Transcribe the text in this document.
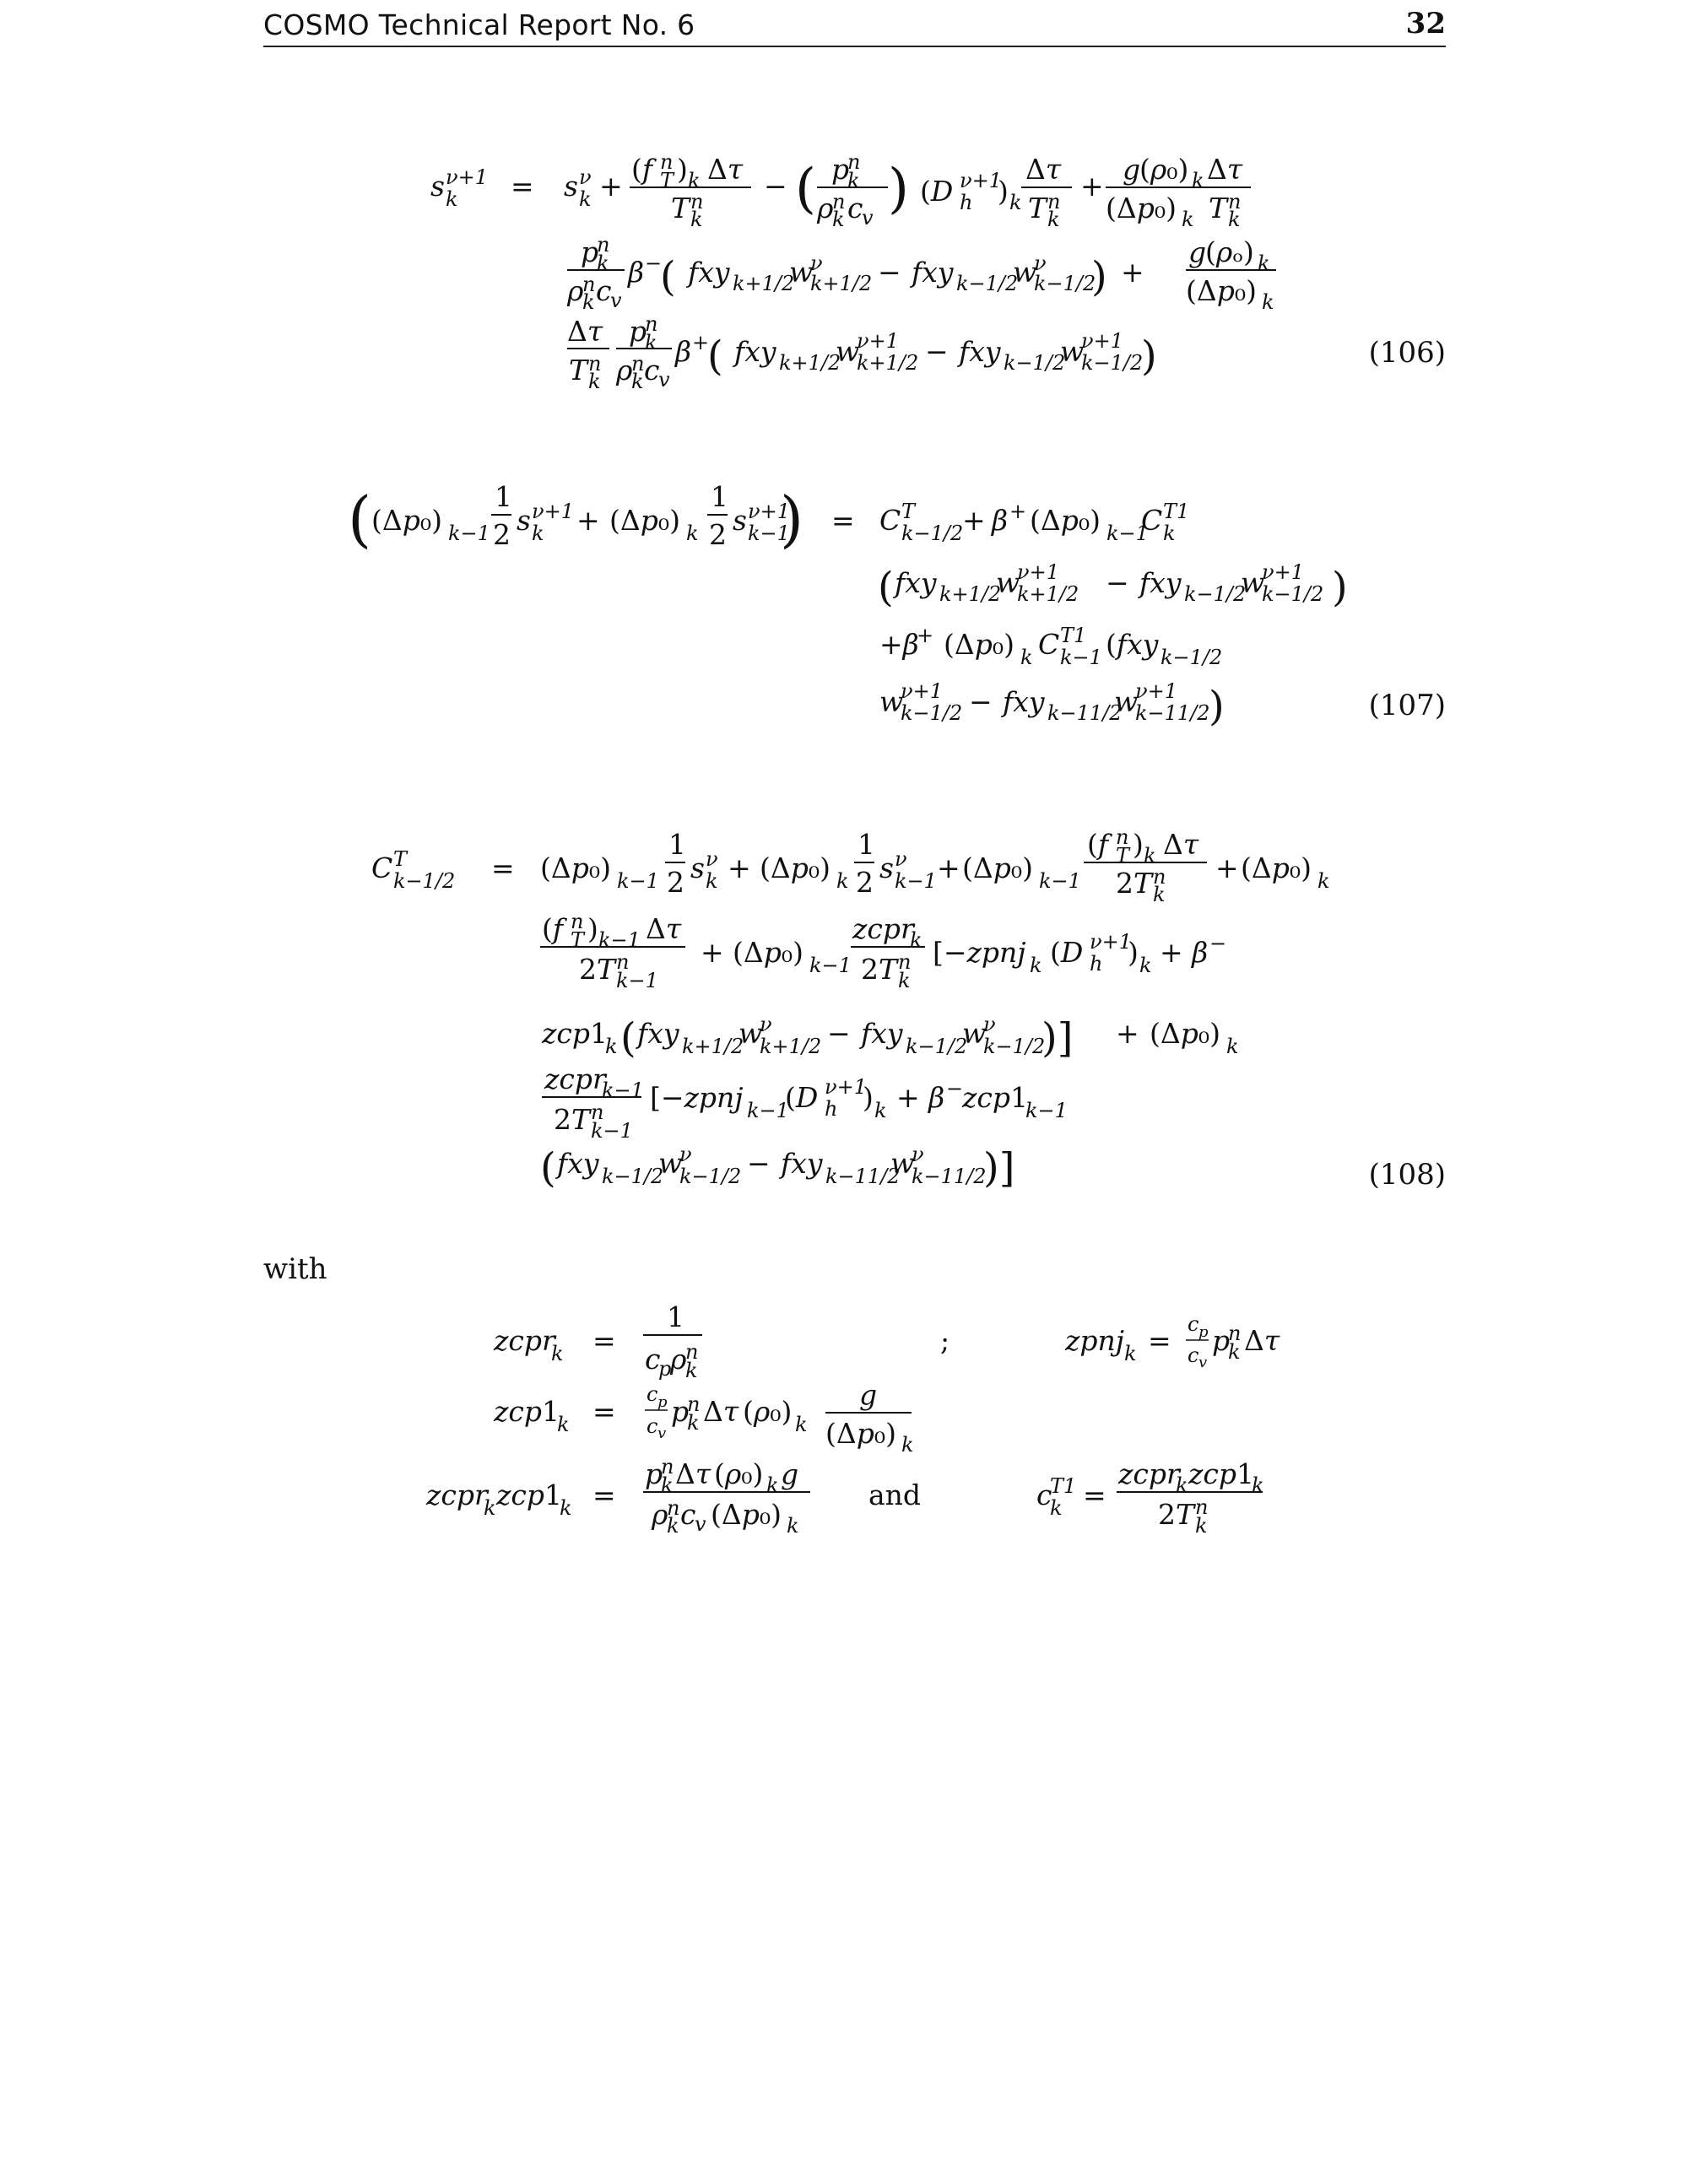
COSMO Technical Report No. 6	32
(106)
(107)
(108)
with
s k
ν+1 = s k
ν +
(f n
T ) k Δτ
T n
k
− ( p
n
k
ρ
n
k c
v ) (D ν+1
h ) k
Δτ
T n
k
+
g
(ρ₀) k Δτ
(Δp₀) k T n
k
p
n
k
ρ
n
k c
v
β −
( fxy k+1/2
w
ν
k+1/2 − fxy k−1/2
w
ν
k−1/2
) +
g
(ρₒ) k
(Δp₀) k
Δτ
T n
k
p
n
k
ρ
n
k c
v
β +
( fxy k+1/2
w
ν+1
k+1/2 − fxy k−1/2
w
ν+1
k−1/2
)
( (Δp₀) k−1
1
2 s k
ν+1 + (Δp₀) k
1
2 s k−1
ν+1
) = C T
k−1/2
+ β + (Δp₀) k−1
C T1
k
( fxy k+1/2
w
ν+1
k+1/2 − fxy k−1/2
w
ν+1
k−1/2 )
+β
+ (Δp₀) k C T1
k−1 (fxy k−1/2
w
ν+1
k−1/2 − fxy k−11/2
w
ν+1
k−11/2
)
C T
k−1/2 = (Δp₀) k−1
1
2 s k
ν + (Δp₀) k
1
2 s k−1
ν + (Δp₀) k−1
(f n
T ) k Δτ
2T n
k
+ (Δp₀) k
(f n
T ) k−1 Δτ
2T n
k−1
+ (Δp₀) k−1
zcpr
k
2T n
k
[−zpnj k (D ν+1
h ) k + β −
zcp 1
k ( fxy k+1/2
w
ν
k+1/2 − fxy k−1/2
w
ν
k−1/2
)] + (Δp₀) k
zcpr
k−1
2T n
k−1
[−zpnj k−1
(D ν+1
h ) k + β −
zcp 1
k−1
( fxy k−1/2
w
ν
k−1/2 − fxy k−11/2
w
ν
k−11/2
)]
zcpr
k =
1
c
p
ρ
n
k
;	zpnj k = c p
c v
p
n
k Δτ
zcp 1
k =
c p
c v
p
n
k Δτ (ρ₀) k
g
(Δp₀) k
zcpr
k zcp 1
k =
p
n
k Δτ (ρ₀) k g
ρ
n
k c
v (Δp₀) k
and	c
T1
k =
zcpr
k zcp 1
k
2T n
k
